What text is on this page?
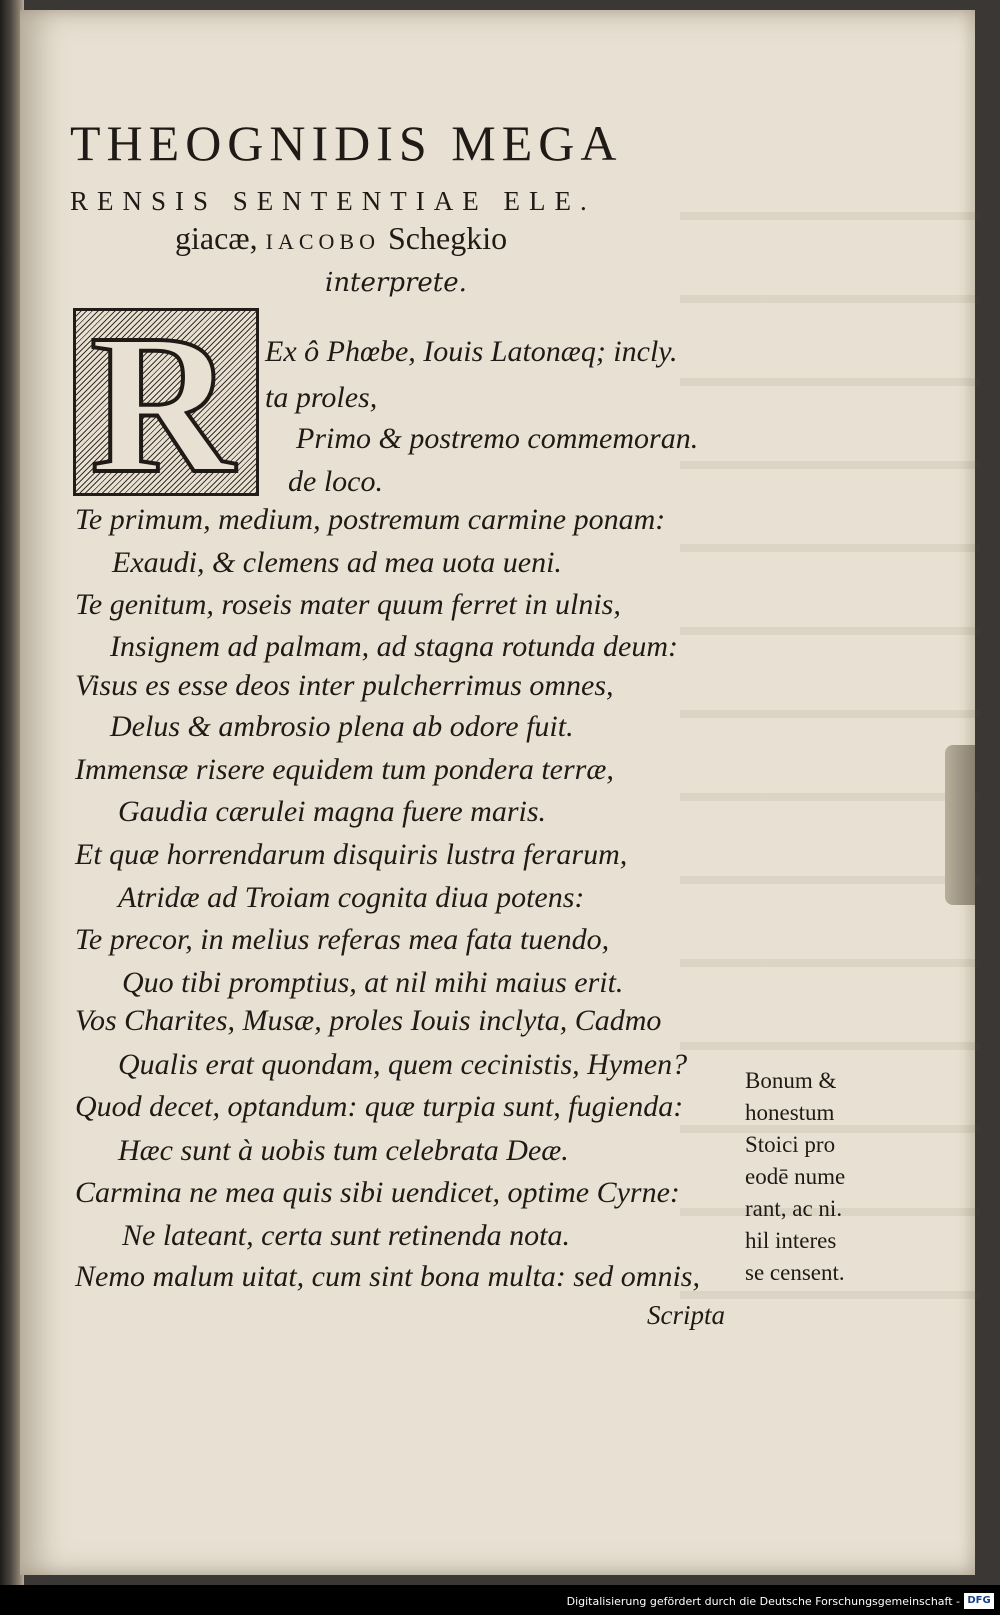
THEOGNIDIS MEGA
RENSIS SENTENTIAE ELE.
giacæ, IACOBO Schegkio
interprete.
R Ex ô Phœbe, Iouis Latonæq; incly.
ta proles,
Primo & postremo commemoran.
de loco.
Te primum, medium, postremum carmine ponam:
Exaudi, & clemens ad mea uota ueni.
Te genitum, roseis mater quum ferret in ulnis,
Insignem ad palmam, ad stagna rotunda deum:
Visus es esse deos inter pulcherrimus omnes,
Delus & ambrosio plena ab odore fuit.
Immensæ risere equidem tum pondera terræ,
Gaudia cærulei magna fuere maris.
Et quæ horrendarum disquiris lustra ferarum,
Atridæ ad Troiam cognita diua potens:
Te precor, in melius referas mea fata tuendo,
Quo tibi promptius, at nil mihi maius erit.
Vos Charites, Musæ, proles Iouis inclyta, Cadmo
Qualis erat quondam, quem cecinistis, Hymen?
Quod decet, optandum: quæ turpia sunt, fugienda:
Hæc sunt à uobis tum celebrata Deæ.
Carmina ne mea quis sibi uendicet, optime Cyrne:
Ne lateant, certa sunt retinenda nota.
Nemo malum uitat, cum sint bona multa: sed omnis,
Bonum &
honestum
Stoici pro
eodē nume
rant, ac ni.
hil interes
se censent.
Scripta
Digitalisierung gefördert durch die Deutsche Forschungsgemeinschaft - DFG
